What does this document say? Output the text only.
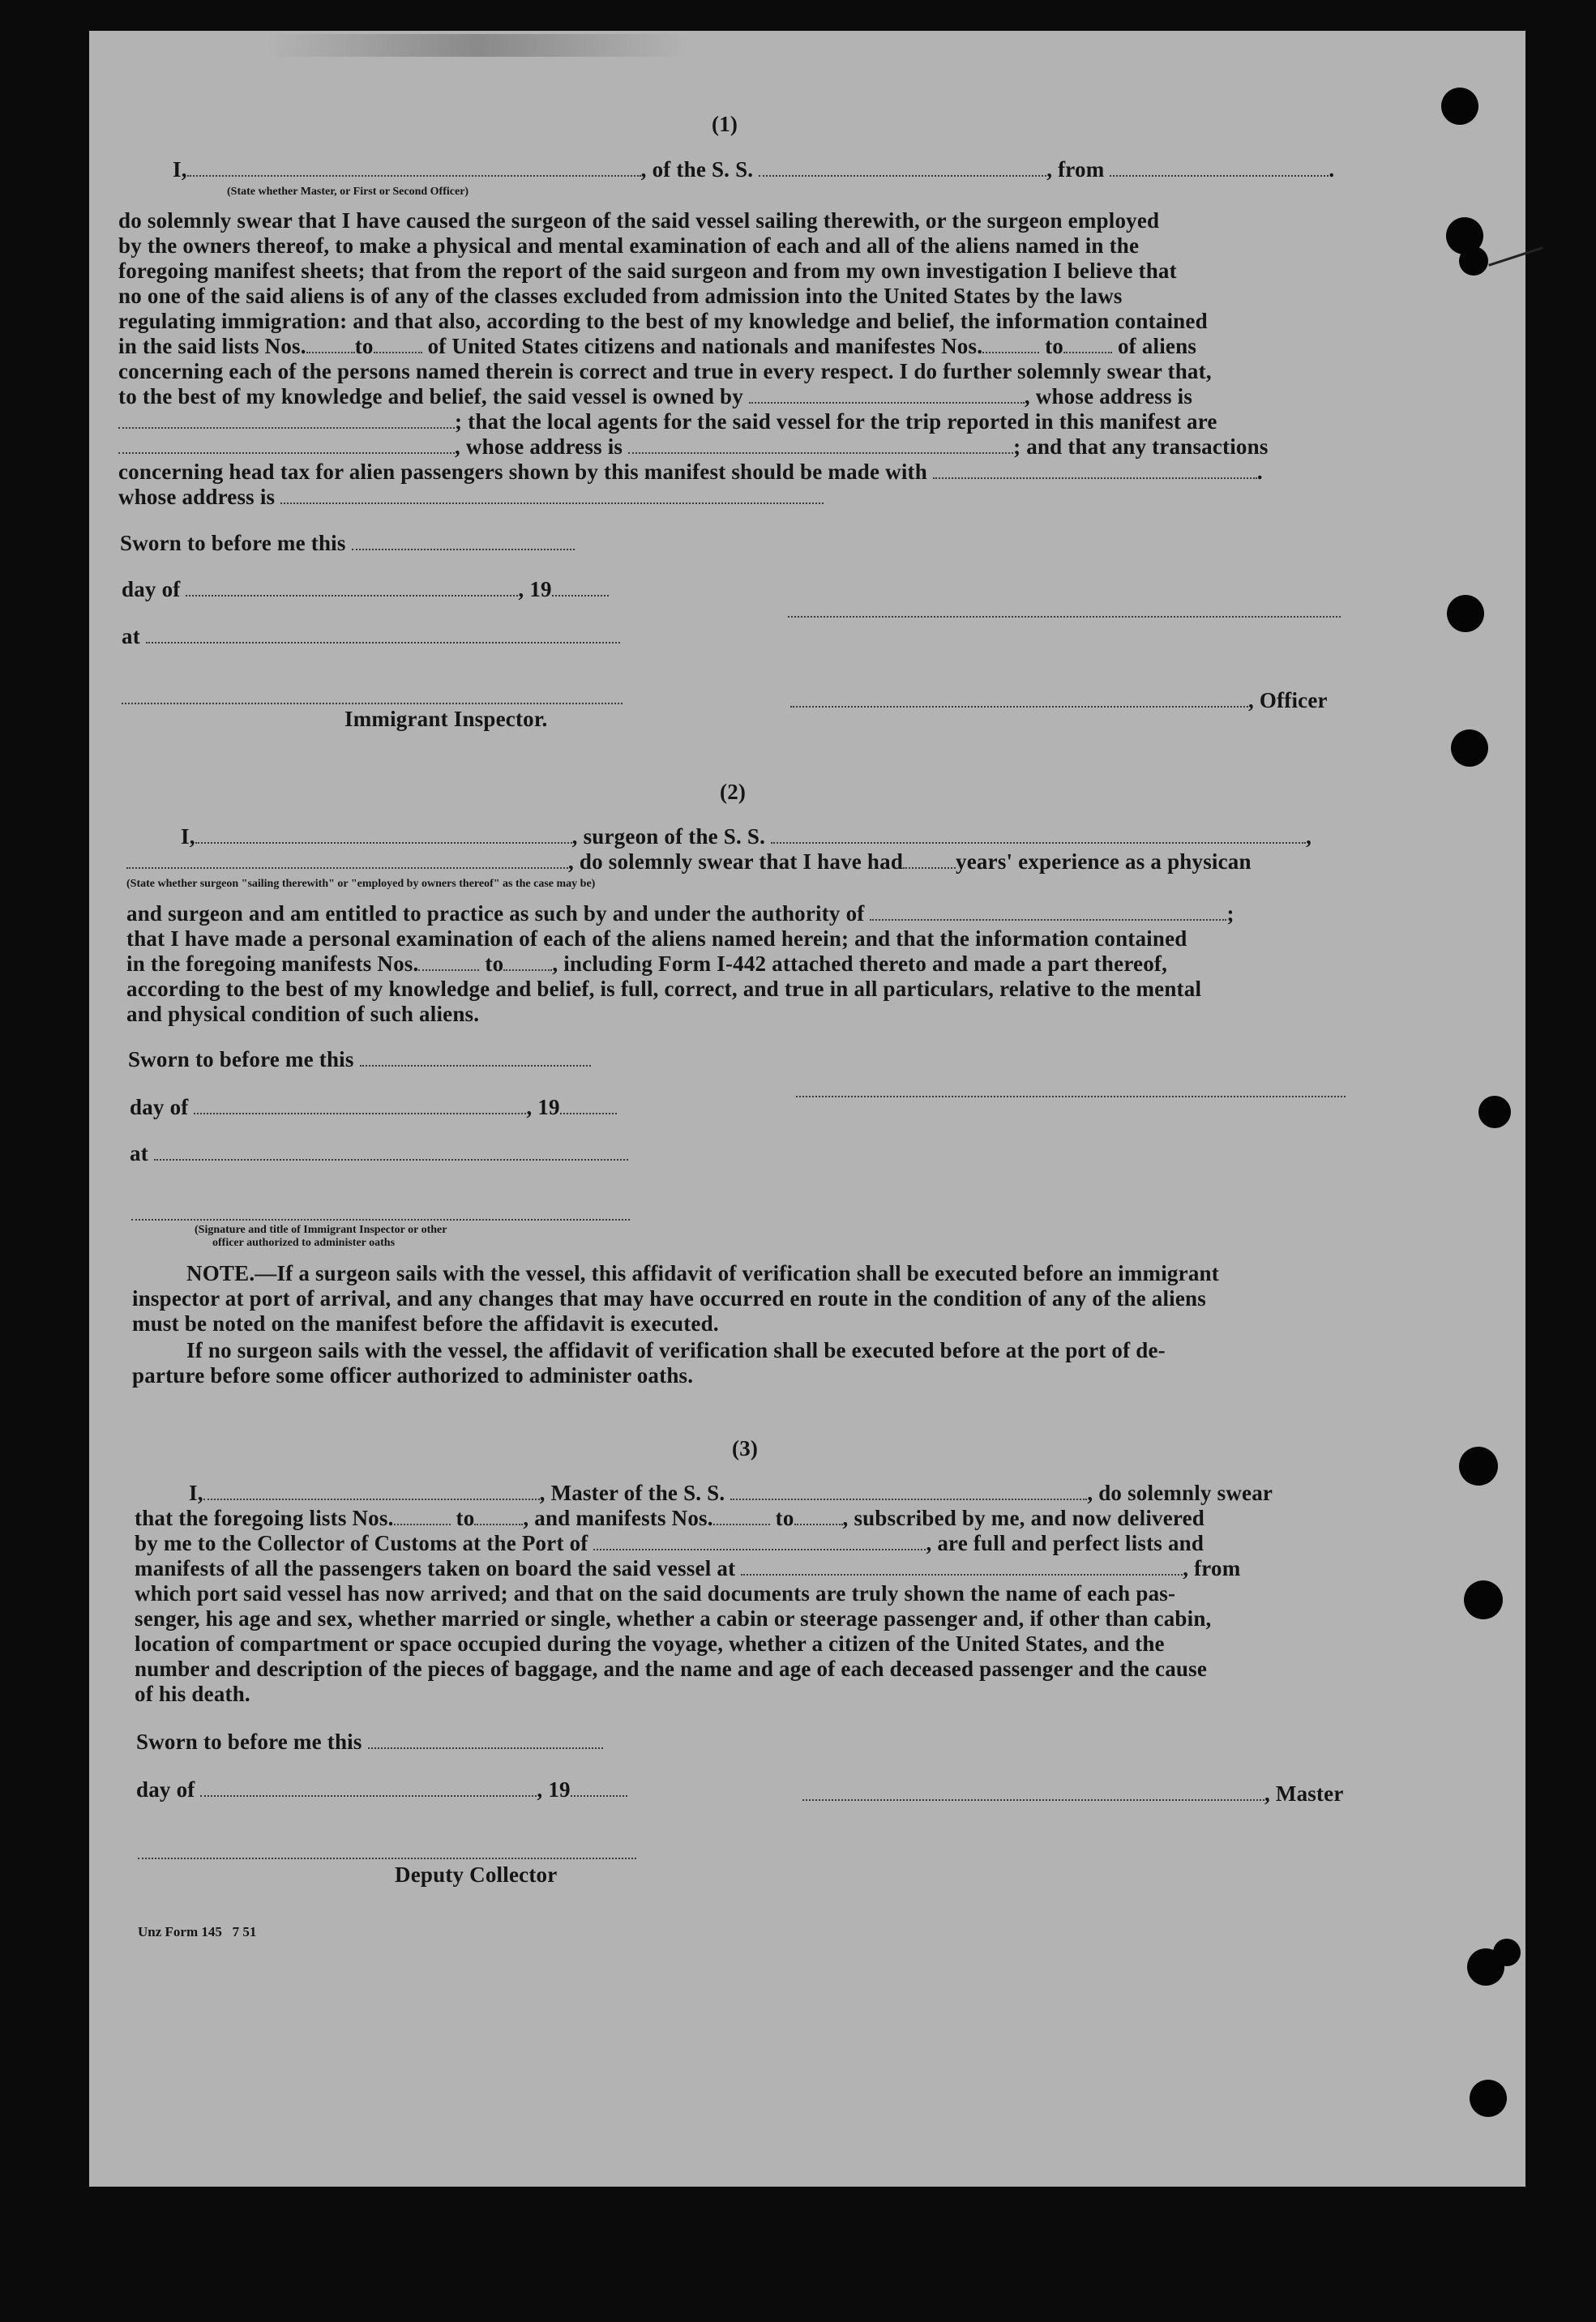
(1)
I,	, of the S. S.	, from	.
(State whether Master, or First or Second Officer)
do solemnly swear that I have caused the surgeon of the said vessel sailing therewith, or the surgeon employed
by the owners thereof, to make a physical and mental examination of each and all of the aliens named in the
foregoing manifest sheets; that from the report of the said surgeon and from my own investigation I believe that
no one of the said aliens is of any of the classes excluded from admission into the United States by the laws
regulating immigration: and that also, according to the best of my knowledge and belief, the information contained
in the said lists Nos. to of United States citizens and nationals and manifestes Nos.	to of aliens
concerning each of the persons named therein is correct and true in every respect. I do further solemnly swear that,
to the best of my knowledge and belief, the said vessel is owned by	, whose address is
; that the local agents for the said vessel for the trip reported in this manifest are
, whose address is	; and that any transactions
concerning head tax for alien passengers shown by this manifest should be made with	.
whose address is
Sworn to before me this
day of	, 19
at
, Officer
Immigrant Inspector.
(2)
I,	, surgeon of the S. S.	,
, do solemnly swear that I have had years' experience as a physican
(State whether surgeon "sailing therewith" or "employed by owners thereof" as the case may be)
and surgeon and am entitled to practice as such by and under the authority of	;
that I have made a personal examination of each of the aliens named herein; and that the information contained
in the foregoing manifests Nos.	to , including Form I-442 attached thereto and made a part thereof,
according to the best of my knowledge and belief, is full, correct, and true in all particulars, relative to the mental
and physical condition of such aliens.
Sworn to before me this
day of	, 19
at
(Signature and title of Immigrant Inspector or other
officer authorized to administer oaths
NOTE.—If a surgeon sails with the vessel, this affidavit of verification shall be executed before an immigrant
inspector at port of arrival, and any changes that may have occurred en route in the condition of any of the aliens
must be noted on the manifest before the affidavit is executed.
If no surgeon sails with the vessel, the affidavit of verification shall be executed before at the port of de-
parture before some officer authorized to administer oaths.
(3)
I,	, Master of the S. S.	, do solemnly swear
that the foregoing lists Nos.	to , and manifests Nos.	to , subscribed by me, and now delivered
by me to the Collector of Customs at the Port of	, are full and perfect lists and
manifests of all the passengers taken on board the said vessel at	, from
which port said vessel has now arrived; and that on the said documents are truly shown the name of each pas-
senger, his age and sex, whether married or single, whether a cabin or steerage passenger and, if other than cabin,
location of compartment or space occupied during the voyage, whether a citizen of the United States, and the
number and description of the pieces of baggage, and the name and age of each deceased passenger and the cause
of his death.
Sworn to before me this
day of	, 19	, Master
Deputy Collector
Unz Form 145   7 51
